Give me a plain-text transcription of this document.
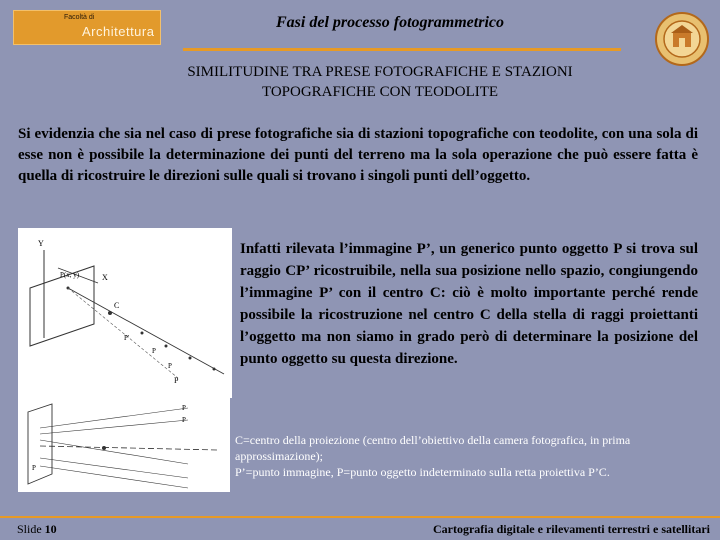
Facoltà di
Architettura
Fasi del processo fotogrammetrico
SIMILITUDINE TRA PRESE FOTOGRAFICHE E STAZIONI
TOPOGRAFICHE CON TEODOLITE
Si evidenzia che sia nel caso di prese fotografiche sia di stazioni topografiche con teodolite, con una sola di esse non è possibile la determinazione dei punti del terreno ma la sola operazione che può essere fatta è quella di ricostruire le direzioni sulle quali si trovano i singoli punti dell’oggetto.
Y
X
P(x, y)
C
P'
P
P
P
P
P
P
Infatti rilevata l’immagine P’, un generico punto oggetto P si trova sul raggio CP’ ricostruibile, nella sua posizione nello spazio, congiungendo l’immagine P’ con il centro C: ciò è molto importante perché rende possibile la ricostruzione nel centro C della stella di raggi proiettanti l’oggetto ma non siamo in grado però di determinare la posizione del punto oggetto su questa direzione.
C=centro della proiezione (centro dell’obiettivo della camera fotografica, in prima approssimazione);
P’=punto immagine, P=punto oggetto indeterminato sulla retta proiettiva P’C.
Slide 10	Cartografia digitale e rilevamenti terrestri e satellitari
